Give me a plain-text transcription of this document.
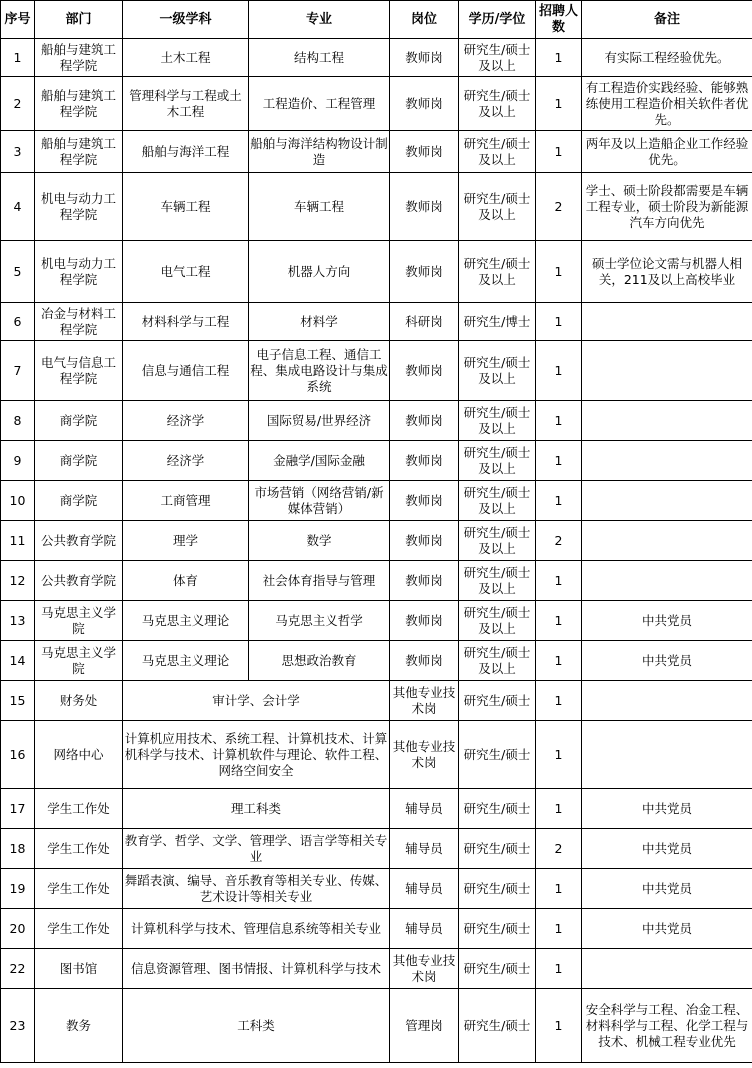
序号	部门	一级学科	专业	岗位	学历/学位	招聘人数	备注
1	船舶与建筑工程学院	土木工程	结构工程	教师岗	研究生/硕士及以上	1	有实际工程经验优先。
2	船舶与建筑工程学院	管理科学与工程或土木工程	工程造价、工程管理	教师岗	研究生/硕士及以上	1	有工程造价实践经验、能够熟练使用工程造价相关软件者优先。
3	船舶与建筑工程学院	船舶与海洋工程	船舶与海洋结构物设计制造	教师岗	研究生/硕士及以上	1	两年及以上造船企业工作经验优先。
4	机电与动力工程学院	车辆工程	车辆工程	教师岗	研究生/硕士及以上	2	学士、硕士阶段都需要是车辆工程专业，硕士阶段为新能源汽车方向优先
5	机电与动力工程学院	电气工程	机器人方向	教师岗	研究生/硕士及以上	1	硕士学位论文需与机器人相关，211及以上高校毕业
6	冶金与材料工程学院	材料科学与工程	材料学	科研岗	研究生/博士	1	
7	电气与信息工程学院	信息与通信工程	电子信息工程、通信工程、集成电路设计与集成系统	教师岗	研究生/硕士及以上	1	
8	商学院	经济学	国际贸易/世界经济	教师岗	研究生/硕士及以上	1	
9	商学院	经济学	金融学/国际金融	教师岗	研究生/硕士及以上	1	
10	商学院	工商管理	市场营销（网络营销/新媒体营销）	教师岗	研究生/硕士及以上	1	
11	公共教育学院	理学	数学	教师岗	研究生/硕士及以上	2	
12	公共教育学院	体育	社会体育指导与管理	教师岗	研究生/硕士及以上	1	
13	马克思主义学院	马克思主义理论	马克思主义哲学	教师岗	研究生/硕士及以上	1	中共党员
14	马克思主义学院	马克思主义理论	思想政治教育	教师岗	研究生/硕士及以上	1	中共党员
15	财务处	审计学、会计学		其他专业技术岗	研究生/硕士	1	
16	网络中心	计算机应用技术、系统工程、计算机技术、计算机科学与技术、计算机软件与理论、软件工程、网络空间安全		其他专业技术岗	研究生/硕士	1	
17	学生工作处	理工科类		辅导员	研究生/硕士	1	中共党员
18	学生工作处	教育学、哲学、文学、管理学、语言学等相关专业		辅导员	研究生/硕士	2	中共党员
19	学生工作处	舞蹈表演、编导、音乐教育等相关专业、传媒、艺术设计等相关专业		辅导员	研究生/硕士	1	中共党员
20	学生工作处	计算机科学与技术、管理信息系统等相关专业		辅导员	研究生/硕士	1	中共党员
22	图书馆	信息资源管理、图书情报、计算机科学与技术		其他专业技术岗	研究生/硕士	1	
23	教务	工科类		管理岗	研究生/硕士	1	安全科学与工程、冶金工程、材料科学与工程、化学工程与技术、机械工程专业优先
